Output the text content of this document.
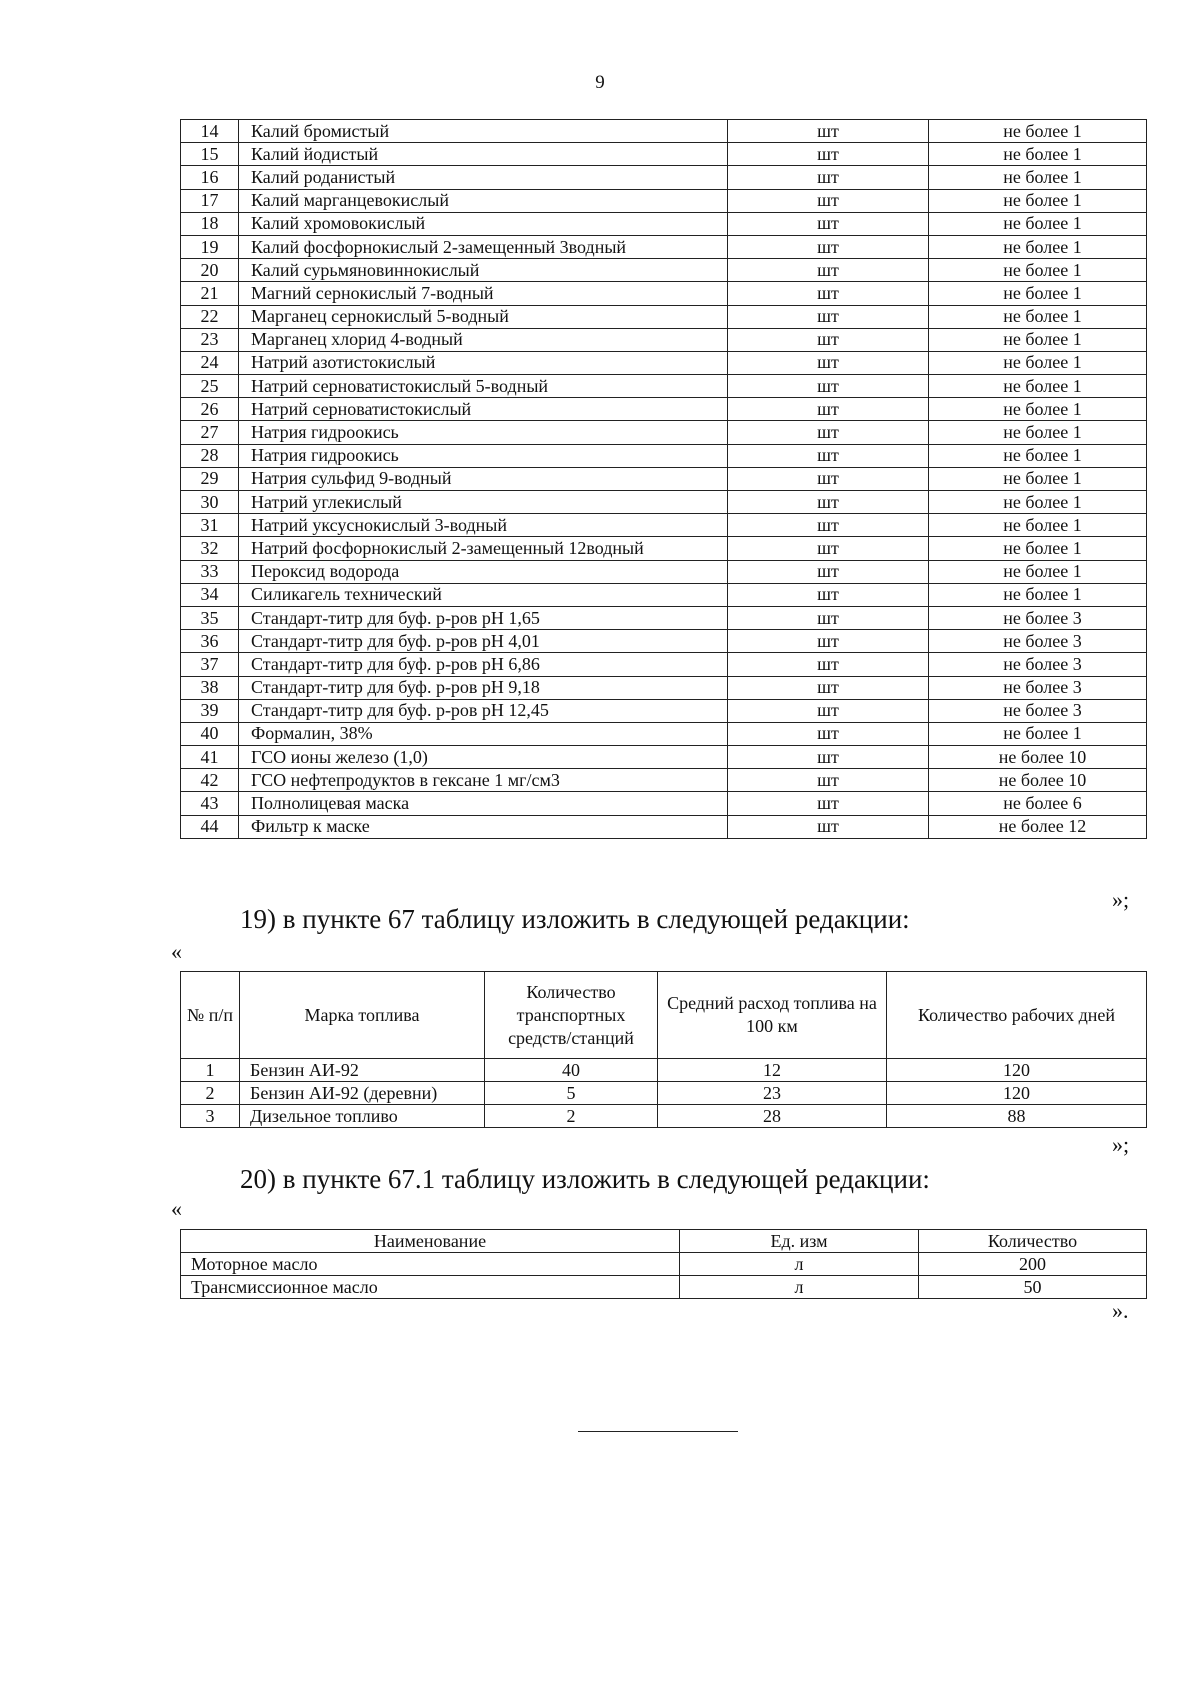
9
14	Калий бромистый	шт	не более 1
15	Калий йодистый	шт	не более 1
16	Калий роданистый	шт	не более 1
17	Калий марганцевокислый	шт	не более 1
18	Калий хромовокислый	шт	не более 1
19	Калий фосфорнокислый 2-замещенный 3водный	шт	не более 1
20	Калий сурьмяновиннокислый	шт	не более 1
21	Магний сернокислый 7-водный	шт	не более 1
22	Марганец сернокислый 5-водный	шт	не более 1
23	Марганец хлорид 4-водный	шт	не более 1
24	Натрий азотистокислый	шт	не более 1
25	Натрий серноватистокислый 5-водный	шт	не более 1
26	Натрий серноватистокислый	шт	не более 1
27	Натрия гидроокись	шт	не более 1
28	Натрия гидроокись	шт	не более 1
29	Натрия сульфид 9-водный	шт	не более 1
30	Натрий углекислый	шт	не более 1
31	Натрий уксуснокислый 3-водный	шт	не более 1
32	Натрий фосфорнокислый 2-замещенный 12водный	шт	не более 1
33	Пероксид водорода	шт	не более 1
34	Силикагель технический	шт	не более 1
35	Стандарт-титр для буф. р-ров pH 1,65	шт	не более 3
36	Стандарт-титр для буф. р-ров pH 4,01	шт	не более 3
37	Стандарт-титр для буф. р-ров pH 6,86	шт	не более 3
38	Стандарт-титр для буф. р-ров pH 9,18	шт	не более 3
39	Стандарт-титр для буф. р-ров pH 12,45	шт	не более 3
40	Формалин, 38%	шт	не более 1
41	ГСО ионы железо (1,0)	шт	не более 10
42	ГСО нефтепродуктов в гексане 1 мг/см3	шт	не более 10
43	Полнолицевая маска	шт	не более 6
44	Фильтр к маске	шт	не более 12
»;
19) в пункте 67 таблицу изложить в следующей редакции:
«
№ п/п	Марка топлива	Количество транспортных средств/станций	Средний расход топлива на 100 км	Количество рабочих дней
1	Бензин АИ-92	40	12	120
2	Бензин АИ-92 (деревни)	5	23	120
3	Дизельное топливо	2	28	88
»;
20) в пункте 67.1 таблицу изложить в следующей редакции:
«
Наименование	Ед. изм	Количество
Моторное масло	л	200
Трансмиссионное масло	л	50
».
